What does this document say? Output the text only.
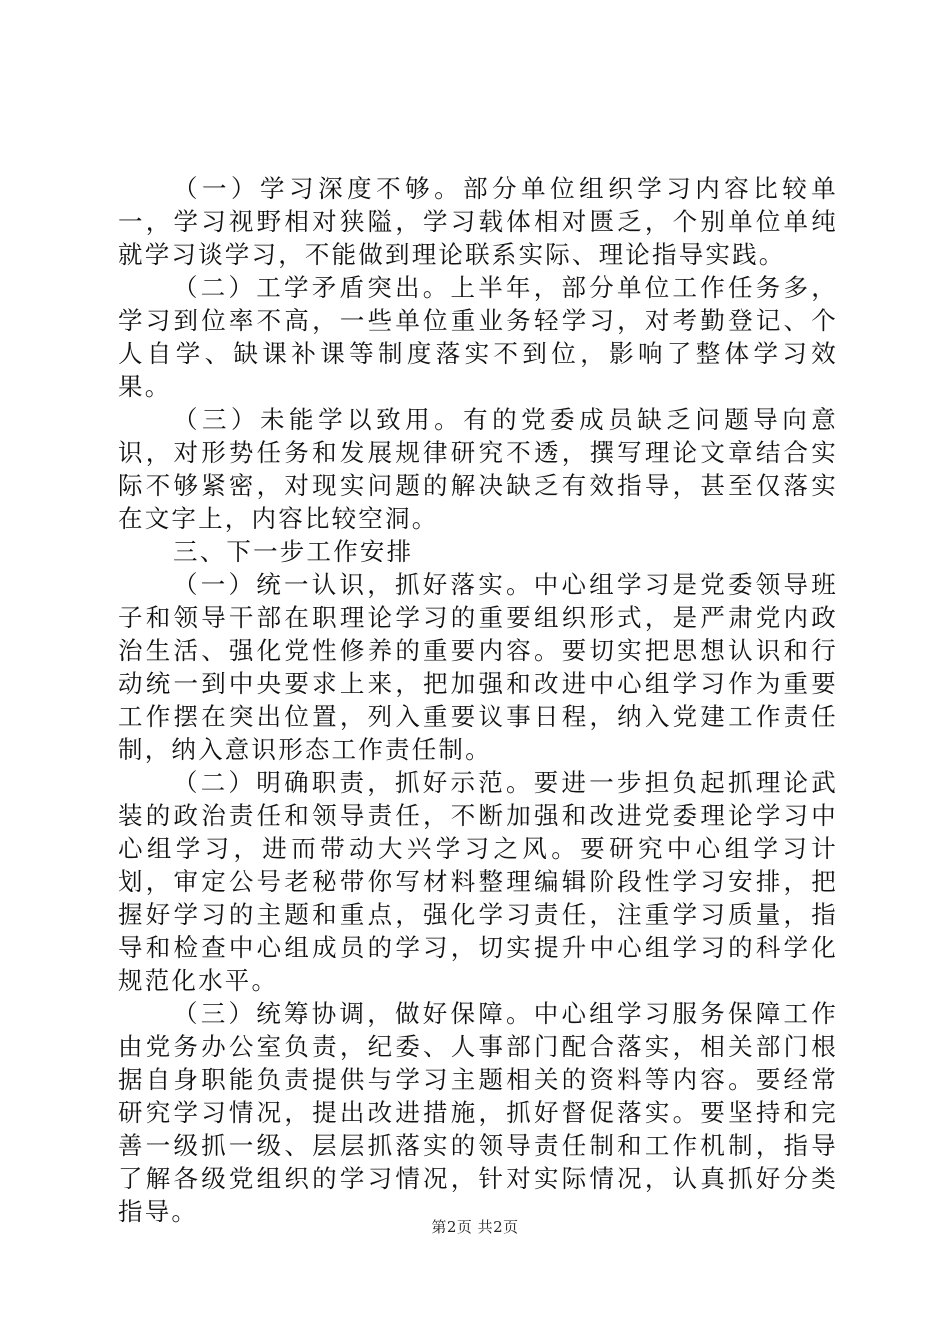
（一）学习深度不够。部分单位组织学习内容比较单一，学习视野相对狭隘，学习载体相对匮乏，个别单位单纯就学习谈学习，不能做到理论联系实际、理论指导实践。

（二）工学矛盾突出。上半年，部分单位工作任务多，学习到位率不高，一些单位重业务轻学习，对考勤登记、个人自学、缺课补课等制度落实不到位，影响了整体学习效果。

（三）未能学以致用。有的党委成员缺乏问题导向意识，对形势任务和发展规律研究不透，撰写理论文章结合实际不够紧密，对现实问题的解决缺乏有效指导，甚至仅落实在文字上，内容比较空洞。

三、下一步工作安排

（一）统一认识，抓好落实。中心组学习是党委领导班子和领导干部在职理论学习的重要组织形式，是严肃党内政治生活、强化党性修养的重要内容。要切实把思想认识和行动统一到中央要求上来，把加强和改进中心组学习作为重要工作摆在突出位置，列入重要议事日程，纳入党建工作责任制，纳入意识形态工作责任制。

（二）明确职责，抓好示范。要进一步担负起抓理论武装的政治责任和领导责任，不断加强和改进党委理论学习中心组学习，进而带动大兴学习之风。要研究中心组学习计划，审定公号老秘带你写材料整理编辑阶段性学习安排，把握好学习的主题和重点，强化学习责任，注重学习质量，指导和检查中心组成员的学习，切实提升中心组学习的科学化规范化水平。

（三）统筹协调，做好保障。中心组学习服务保障工作由党务办公室负责，纪委、人事部门配合落实，相关部门根据自身职能负责提供与学习主题相关的资料等内容。要经常研究学习情况，提出改进措施，抓好督促落实。要坚持和完善一级抓一级、层层抓落实的领导责任制和工作机制，指导了解各级党组织的学习情况，针对实际情况，认真抓好分类指导。

第2页 共2页
